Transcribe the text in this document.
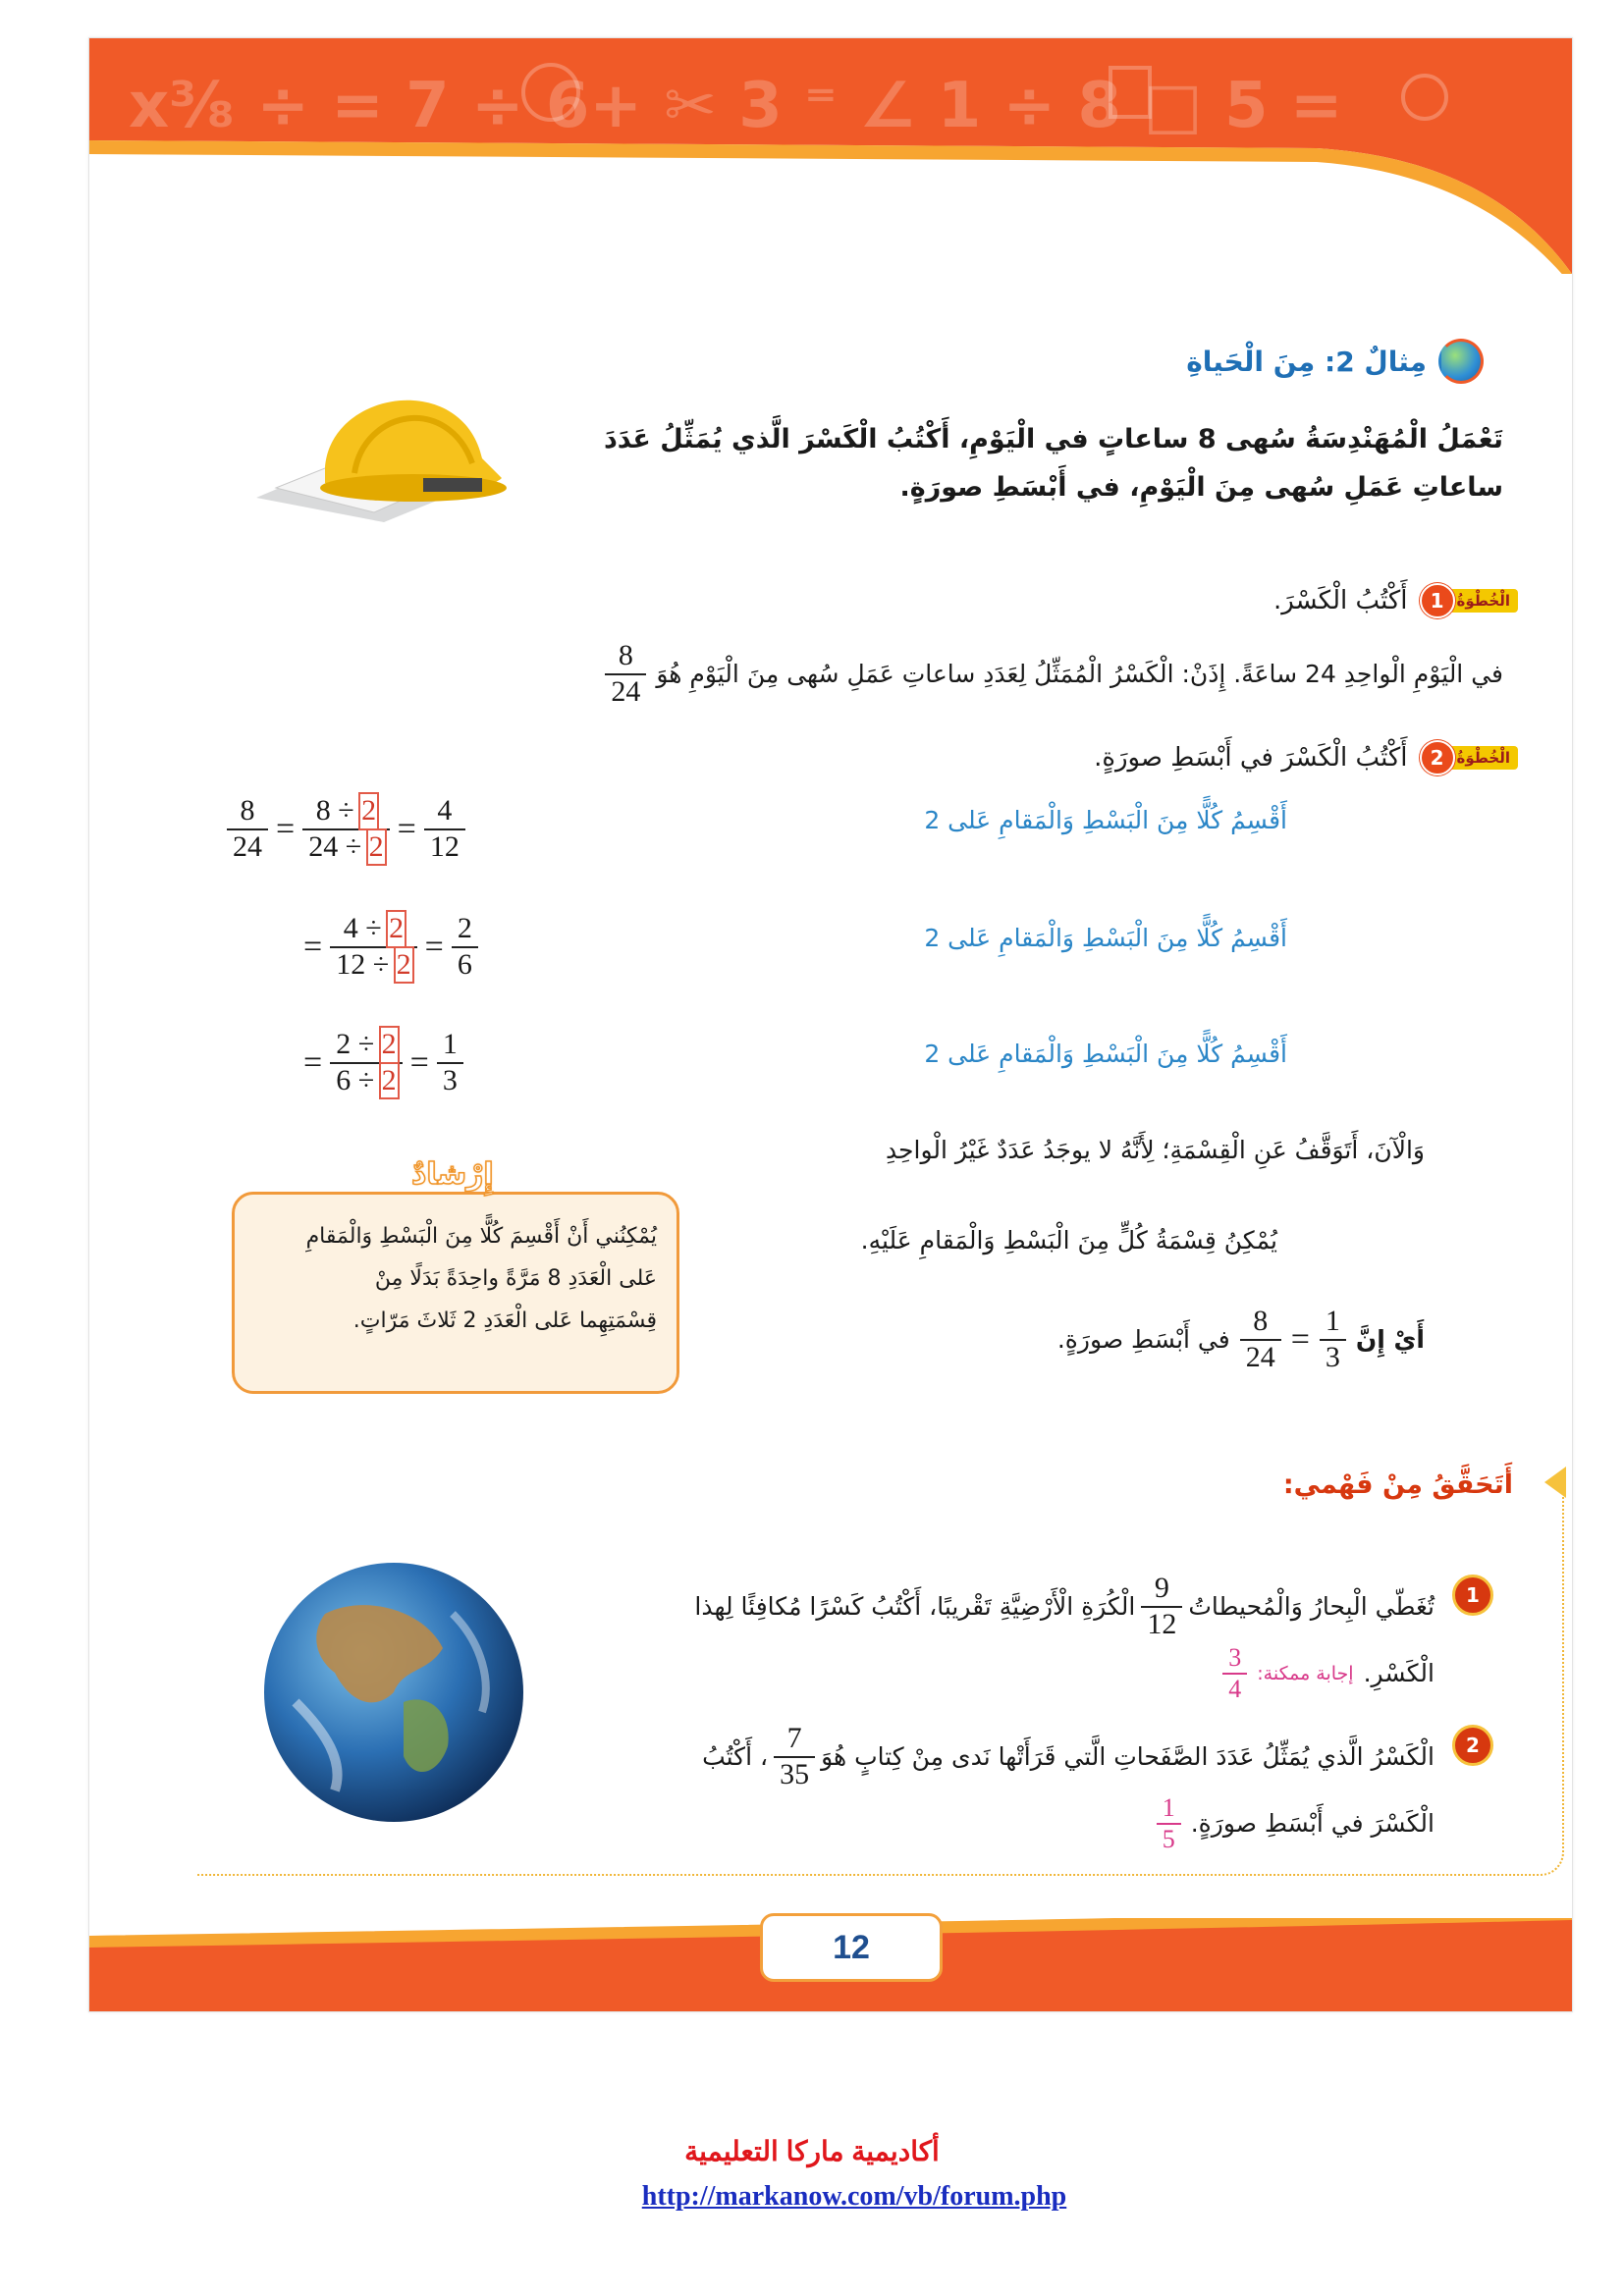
x³⁄₈ ÷ = 7 ÷ 6+ ✂ 3 ⁼ ∠ 1 ÷ 8 □ 5 =
مِثالٌ 2: مِنَ الْحَياةِ
تَعْمَلُ الْمُهَنْدِسَةُ سُهى 8 ساعاتٍ في الْيَوْمِ، أَكْتُبُ الْكَسْرَ الَّذي يُمَثِّلُ عَدَدَ
ساعاتِ عَمَلِ سُهى مِنَ الْيَوْمِ، في أَبْسَطِ صورَةٍ.
الْخُطْوَةُ
1
أَكْتُبُ الْكَسْرَ.
في الْيَوْمِ الْواحِدِ 24 ساعَةً. إِذَنْ: الْكَسْرُ الْمُمَثِّلُ لِعَدَدِ ساعاتِ عَمَلِ سُهى مِنَ الْيَوْمِ هُوَ
$\frac{8}{24}$
الْخُطْوَةُ
2
أَكْتُبُ الْكَسْرَ في أَبْسَطِ صورَةٍ.
أَقْسِمُ كُلًّا مِنَ الْبَسْطِ وَالْمَقامِ عَلى 2
أَقْسِمُ كُلًّا مِنَ الْبَسْطِ وَالْمَقامِ عَلى 2
أَقْسِمُ كُلًّا مِنَ الْبَسْطِ وَالْمَقامِ عَلى 2
$\frac{8}{24} = \frac{8 \div 2}{24 \div 2} = \frac{4}{12}$
= $\frac{4 \div 2}{12 \div 2} = \frac{2}{6}$
= $\frac{2 \div 2}{6 \div 2} = \frac{1}{3}$
وَالْآنَ، أَتَوَقَّفُ عَنِ الْقِسْمَةِ؛ لِأَنَّهُ لا يوجَدُ عَدَدٌ غَيْرُ الْواحِدِ
يُمْكِنُ قِسْمَةُ كُلٍّ مِنَ الْبَسْطِ وَالْمَقامِ عَلَيْهِ.
أَيْ إِنَّ
$\frac{1}{3}$
=
$\frac{8}{24}$
في أَبْسَطِ صورَةٍ.
إِرْشادٌ
يُمْكِنُني أَنْ أَقْسِمَ كُلًّا مِنَ الْبَسْطِ وَالْمَقامِ
عَلى الْعَدَدِ 8 مَرَّةً واحِدَةً بَدَلًا مِنْ
قِسْمَتِهِما عَلى الْعَدَدِ 2 ثَلاثَ مَرّاتٍ.
أَتَحَقَّقُ مِنْ فَهْمي:
1
تُغَطّي الْبِحارُ وَالْمُحيطاتُ
$\frac{9}{12}$
الْكُرَةِ الْأَرْضِيَّةِ تَقْريبًا، أَكْتُبُ كَسْرًا مُكافِئًا لِهذا
الْكَسْرِ.
إجابة ممكنة:
$\frac{3}{4}$
2
الْكَسْرُ الَّذي يُمَثِّلُ عَدَدَ الصَّفَحاتِ الَّتي قَرَأَتْها نَدى مِنْ كِتابٍ هُوَ
$\frac{7}{35}$
، أَكْتُبُ
الْكَسْرَ في أَبْسَطِ صورَةٍ.
$\frac{1}{5}$
12
أكاديمية ماركا التعليمية
http://markanow.com/vb/forum.php
